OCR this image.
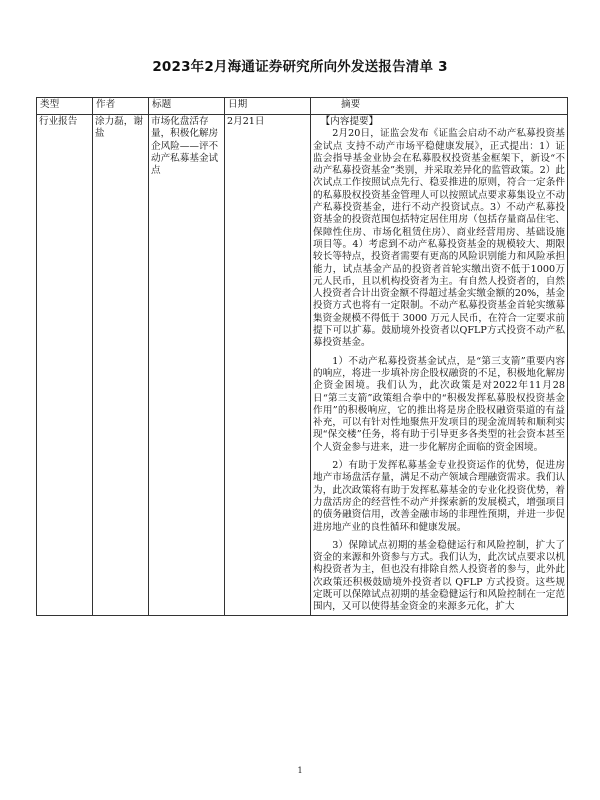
2023年2月海通证券研究所向外发送报告清单 3
类型	作者	标题	日期	摘要
行业报告	涂力磊，谢盐	市场化盘活存量，积极化解房企风险——评不动产私募基金试点	2月21日	【内容提要】

2月20日，证监会发布《证监会启动不动产私募投资基金试点 支持不动产市场平稳健康发展》，正式提出：1）证监会指导基金业协会在私募股权投资基金框架下，新设“不动产私募投资基金”类别，并采取差异化的监管政策。2）此次试点工作按照试点先行、稳妥推进的原则，符合一定条件的私募股权投资基金管理人可以按照试点要求募集设立不动产私募投资基金，进行不动产投资试点。3）不动产私募投资基金的投资范围包括特定居住用房（包括存量商品住宅、保障性住房、市场化租赁住房）、商业经营用房、基础设施项目等。4）考虑到不动产私募投资基金的规模较大、期限较长等特点，投资者需要有更高的风险识别能力和风险承担能力，试点基金产品的投资者首轮实缴出资不低于1000万元人民币，且以机构投资者为主。有自然人投资者的，自然人投资者合计出资金额不得超过基金实缴金额的20%，基金投资方式也将有一定限制。不动产私募投资基金首轮实缴募集资金规模不得低于 3000 万元人民币，在符合一定要求前提下可以扩募。鼓励境外投资者以QFLP方式投资不动产私募投资基金。

1）不动产私募投资基金试点，是“第三支箭”重要内容的响应，将进一步填补房企股权融资的不足，积极地化解房企资金困境。我们认为，此次政策是对2022年11月28日“第三支箭”政策组合拳中的“积极发挥私募股权投资基金作用”的积极响应，它的推出将是房企股权融资渠道的有益补充，可以有针对性地聚焦开发项目的现金流周转和顺利实现“保交楼”任务，将有助于引导更多各类型的社会资本甚至个人资金参与进来，进一步化解房企面临的资金困境。

2）有助于发挥私募基金专业投资运作的优势，促进房地产市场盘活存量，满足不动产领域合理融资需求。我们认为，此次政策将有助于发挥私募基金的专业化投资优势，着力盘活房企的经营性不动产并探索新的发展模式，增强项目的债务融资信用，改善金融市场的非理性预期，并进一步促进房地产业的良性循环和健康发展。

3）保障试点初期的基金稳健运行和风险控制，扩大了资金的来源和外资参与方式。我们认为，此次试点要求以机构投资者为主，但也没有排除自然人投资者的参与，此外此次政策还积极鼓励境外投资者以 QFLP 方式投资。这些规定既可以保障试点初期的基金稳健运行和风险控制在一定范围内，又可以使得基金资金的来源多元化，扩大

1
